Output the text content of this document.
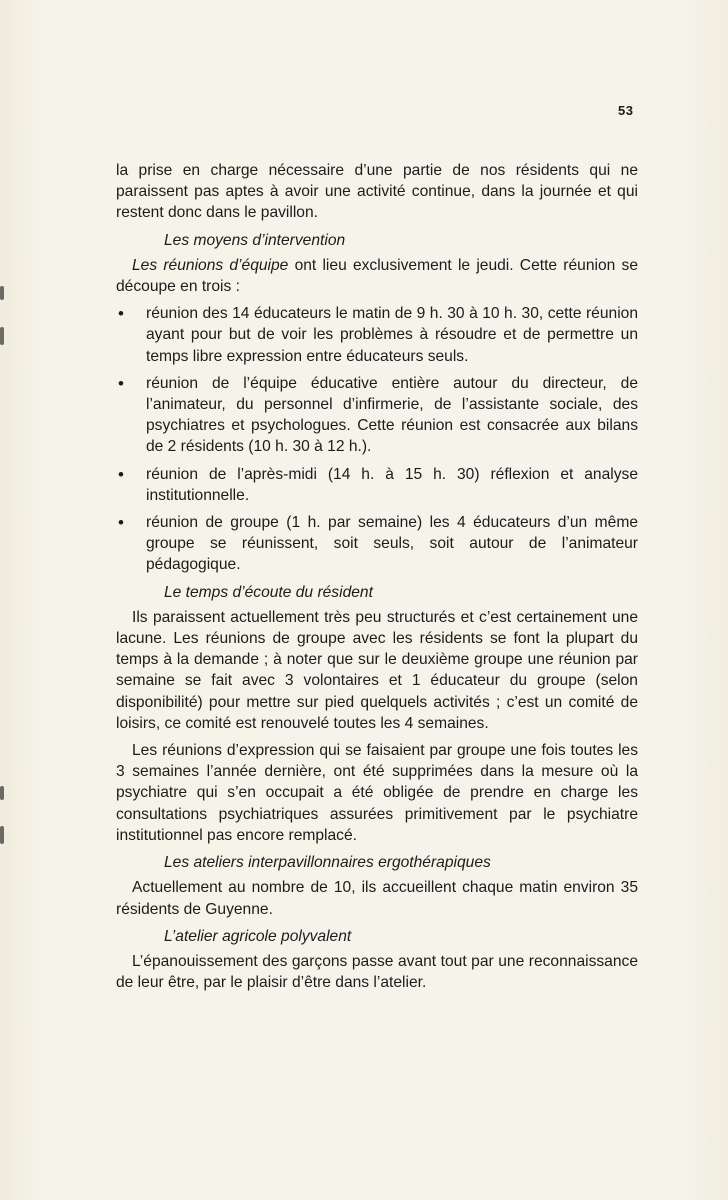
53

la prise en charge nécessaire d’une partie de nos résidents qui ne paraissent pas aptes à avoir une activité continue, dans la journée et qui restent donc dans le pavillon.

Les moyens d’intervention

Les réunions d’équipe ont lieu exclusivement le jeudi. Cette réunion se découpe en trois :

• réunion des 14 éducateurs le matin de 9 h. 30 à 10 h. 30, cette réunion ayant pour but de voir les problèmes à résoudre et de permettre un temps libre expression entre éducateurs seuls.
• réunion de l’équipe éducative entière autour du directeur, de l’animateur, du personnel d’infirmerie, de l’assistante sociale, des psychiatres et psychologues. Cette réunion est consacrée aux bilans de 2 résidents (10 h. 30 à 12 h.).
• réunion de l’après-midi (14 h. à 15 h. 30) réflexion et analyse institutionnelle.
• réunion de groupe (1 h. par semaine) les 4 éducateurs d’un même groupe se réunissent, soit seuls, soit autour de l’animateur pédagogique.

Le temps d’écoute du résident

Ils paraissent actuellement très peu structurés et c’est certainement une lacune. Les réunions de groupe avec les résidents se font la plupart du temps à la demande ; à noter que sur le deuxième groupe une réunion par semaine se fait avec 3 volontaires et 1 éducateur du groupe (selon disponibilité) pour mettre sur pied quelquels activités ; c’est un comité de loisirs, ce comité est renouvelé toutes les 4 semaines.

Les réunions d’expression qui se faisaient par groupe une fois toutes les 3 semaines l’année dernière, ont été supprimées dans la mesure où la psychiatre qui s’en occupait a été obligée de prendre en charge les consultations psychiatriques assurées primitivement par le psychiatre institutionnel pas encore remplacé.

Les ateliers interpavillonnaires ergothérapiques

Actuellement au nombre de 10, ils accueillent chaque matin environ 35 résidents de Guyenne.

L’atelier agricole polyvalent

L’épanouissement des garçons passe avant tout par une reconnaissance de leur être, par le plaisir d’être dans l’atelier.
